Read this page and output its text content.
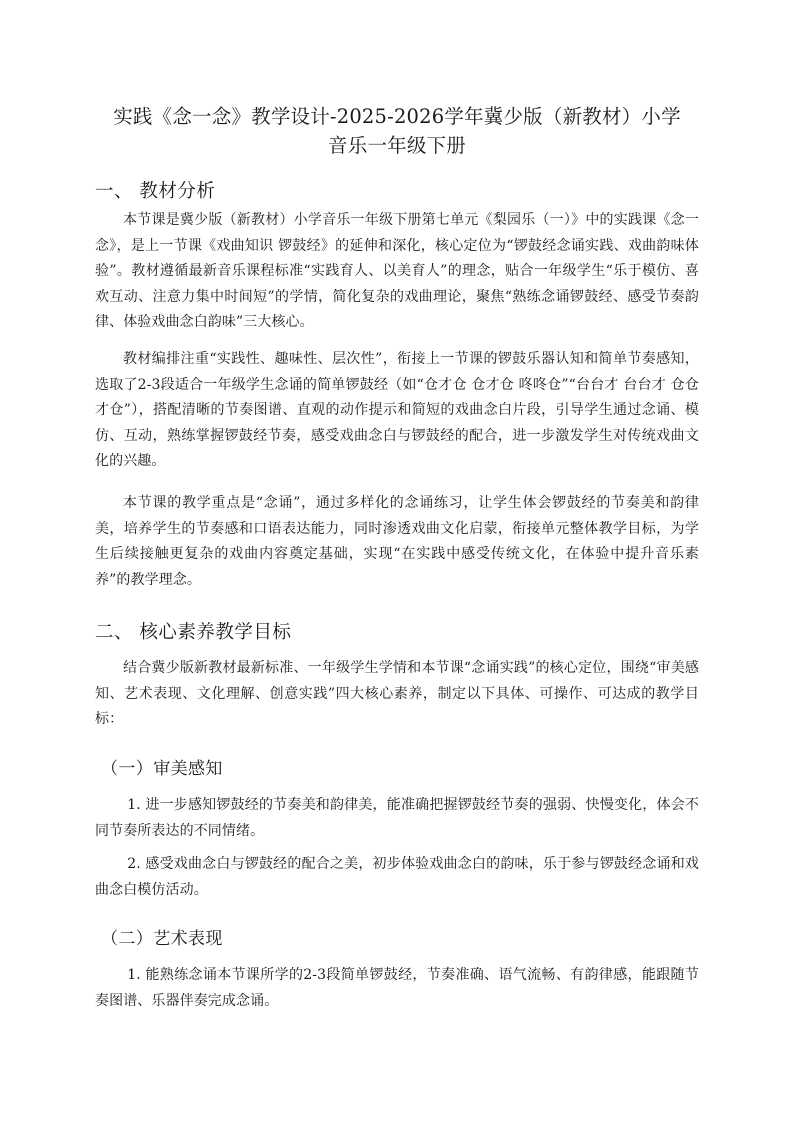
实践《念一念》教学设计-2025-2026学年冀少版（新教材）小学
音乐一年级下册
一、 教材分析
本节课是冀少版（新教材）小学音乐一年级下册第七单元《梨园乐（一）》中的实践课《念一念》，是上一节课《戏曲知识 锣鼓经》的延伸和深化，核心定位为“锣鼓经念诵实践、戏曲韵味体验”。教材遵循最新音乐课程标准“实践育人、以美育人”的理念，贴合一年级学生“乐于模仿、喜欢互动、注意力集中时间短”的学情，简化复杂的戏曲理论，聚焦“熟练念诵锣鼓经、感受节奏韵律、体验戏曲念白韵味”三大核心。
教材编排注重“实践性、趣味性、层次性”，衔接上一节课的锣鼓乐器认知和简单节奏感知，选取了2-3段适合一年级学生念诵的简单锣鼓经（如“仓才仓 仓才仓 咚咚仓”“台台才 台台才 仓仓才仓”），搭配清晰的节奏图谱、直观的动作提示和简短的戏曲念白片段，引导学生通过念诵、模仿、互动，熟练掌握锣鼓经节奏，感受戏曲念白与锣鼓经的配合，进一步激发学生对传统戏曲文化的兴趣。
本节课的教学重点是“念诵”，通过多样化的念诵练习，让学生体会锣鼓经的节奏美和韵律美，培养学生的节奏感和口语表达能力，同时渗透戏曲文化启蒙，衔接单元整体教学目标，为学生后续接触更复杂的戏曲内容奠定基础，实现“在实践中感受传统文化，在体验中提升音乐素养”的教学理念。
二、 核心素养教学目标
结合冀少版新教材最新标准、一年级学生学情和本节课“念诵实践”的核心定位，围绕“审美感知、艺术表现、文化理解、创意实践”四大核心素养，制定以下具体、可操作、可达成的教学目标：
（一）审美感知
1. 进一步感知锣鼓经的节奏美和韵律美，能准确把握锣鼓经节奏的强弱、快慢变化，体会不同节奏所表达的不同情绪。
2. 感受戏曲念白与锣鼓经的配合之美，初步体验戏曲念白的韵味，乐于参与锣鼓经念诵和戏曲念白模仿活动。
（二）艺术表现
1. 能熟练念诵本节课所学的2-3段简单锣鼓经，节奏准确、语气流畅、有韵律感，能跟随节奏图谱、乐器伴奏完成念诵。
